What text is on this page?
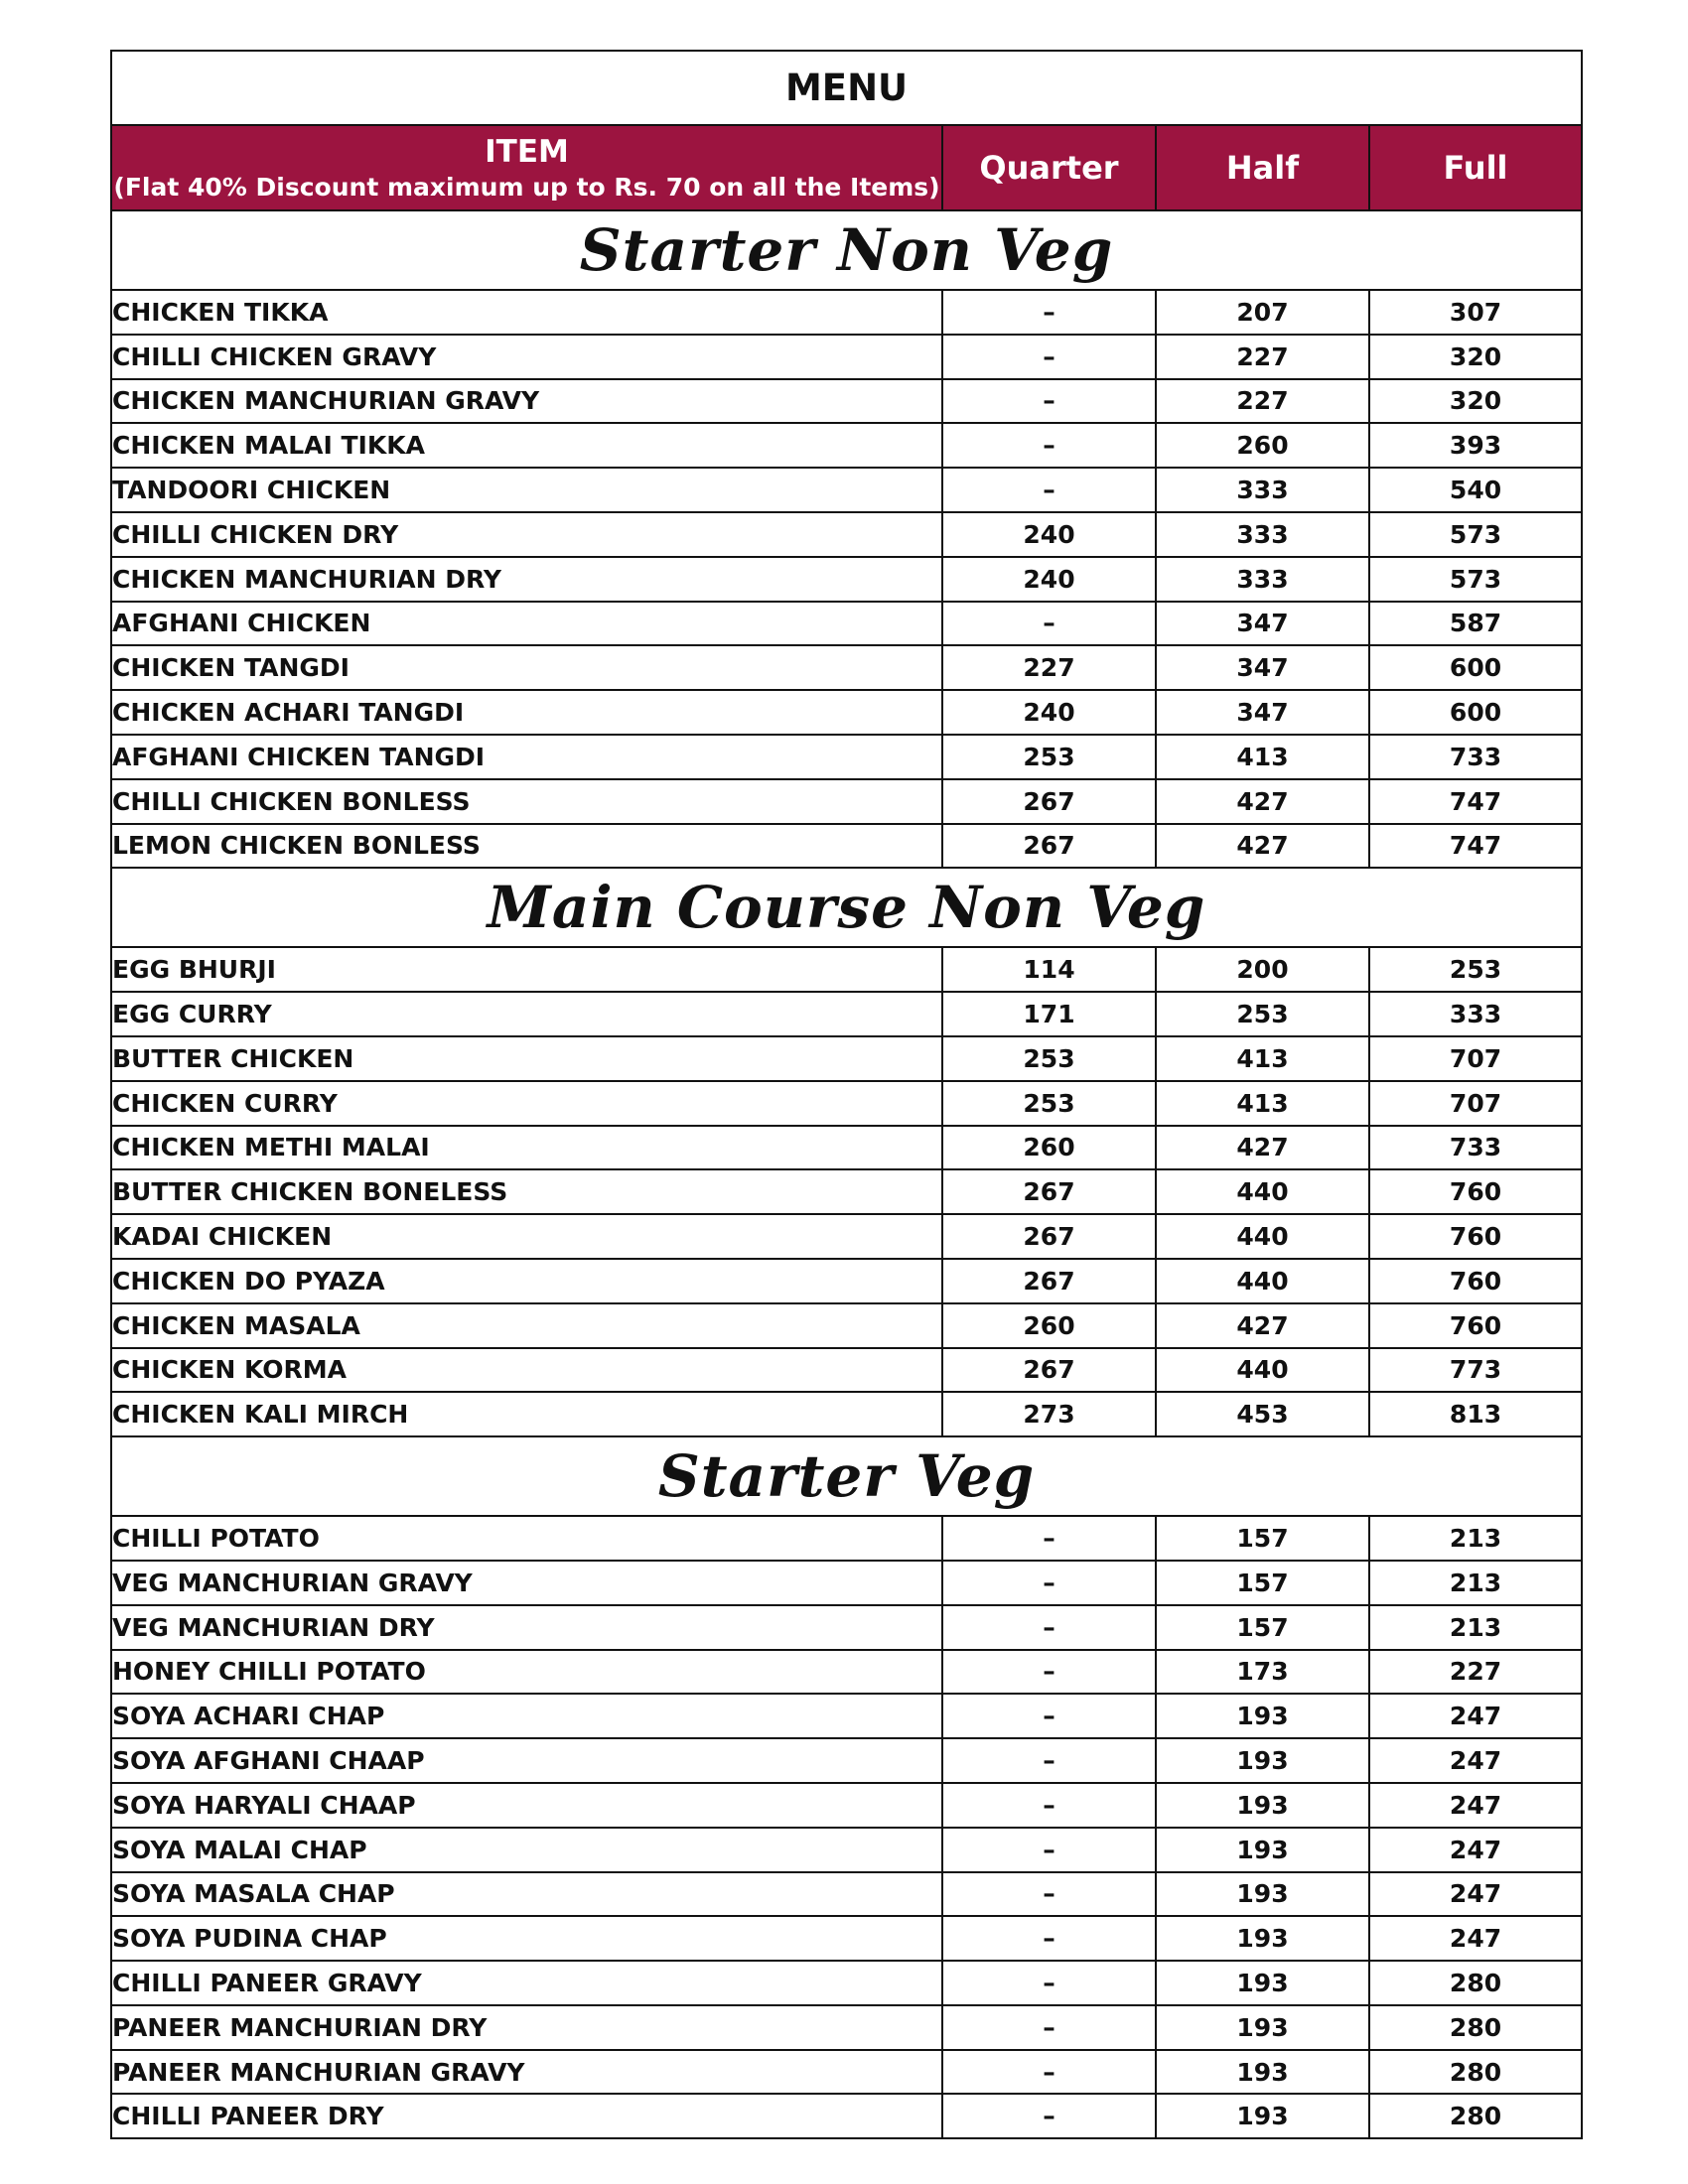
MENU			
ITEM
(Flat 40% Discount maximum up to Rs. 70 on all the Items)	Quarter	Half	Full
Starter Non Veg			
CHICKEN TIKKA	–	207	307
CHILLI CHICKEN GRAVY	–	227	320
CHICKEN MANCHURIAN GRAVY	–	227	320
CHICKEN MALAI TIKKA	–	260	393
TANDOORI CHICKEN	–	333	540
CHILLI CHICKEN DRY	240	333	573
CHICKEN MANCHURIAN DRY	240	333	573
AFGHANI CHICKEN	–	347	587
CHICKEN TANGDI	227	347	600
CHICKEN ACHARI TANGDI	240	347	600
AFGHANI CHICKEN TANGDI	253	413	733
CHILLI CHICKEN BONLESS	267	427	747
LEMON CHICKEN BONLESS	267	427	747
Main Course Non Veg			
EGG BHURJI	114	200	253
EGG CURRY	171	253	333
BUTTER CHICKEN	253	413	707
CHICKEN CURRY	253	413	707
CHICKEN METHI MALAI	260	427	733
BUTTER CHICKEN BONELESS	267	440	760
KADAI CHICKEN	267	440	760
CHICKEN DO PYAZA	267	440	760
CHICKEN MASALA	260	427	760
CHICKEN KORMA	267	440	773
CHICKEN KALI MIRCH	273	453	813
Starter Veg			
CHILLI POTATO	–	157	213
VEG MANCHURIAN GRAVY	–	157	213
VEG MANCHURIAN DRY	–	157	213
HONEY CHILLI POTATO	–	173	227
SOYA ACHARI CHAP	–	193	247
SOYA AFGHANI CHAAP	–	193	247
SOYA HARYALI CHAAP	–	193	247
SOYA MALAI CHAP	–	193	247
SOYA MASALA CHAP	–	193	247
SOYA PUDINA CHAP	–	193	247
CHILLI PANEER GRAVY	–	193	280
PANEER MANCHURIAN DRY	–	193	280
PANEER MANCHURIAN GRAVY	–	193	280
CHILLI PANEER DRY	–	193	280
